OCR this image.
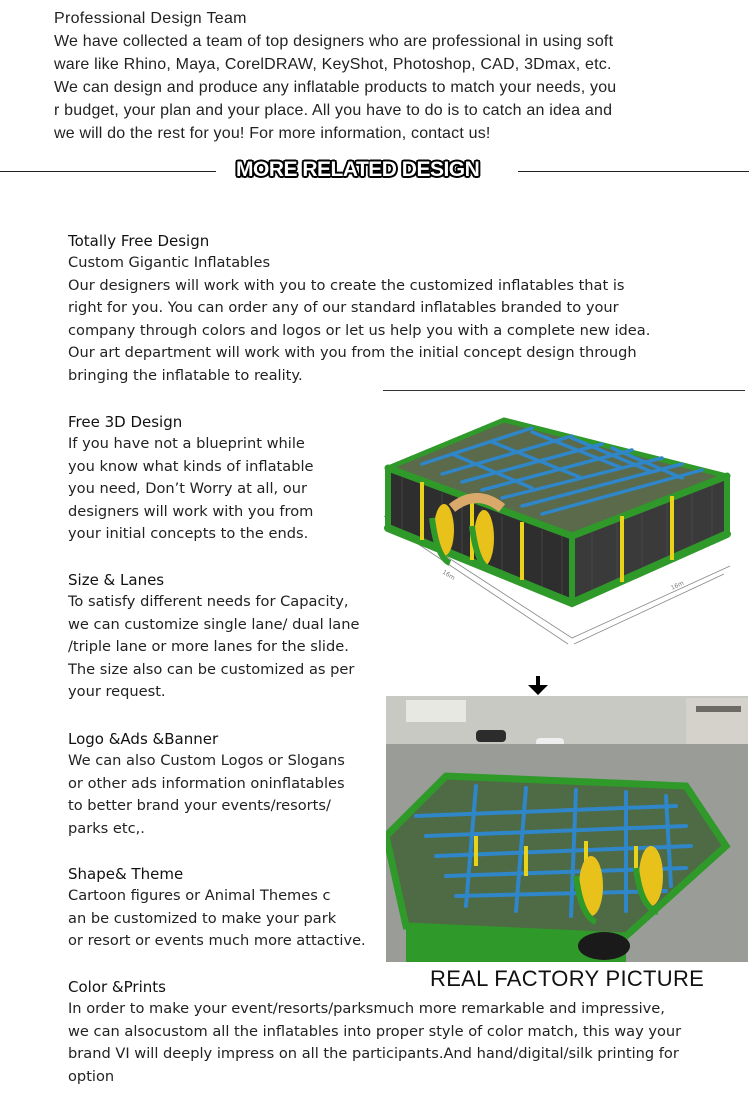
Professional Design Team

We have collected a team of top designers who are professional in using soft

ware like Rhino, Maya, CorelDRAW, KeyShot, Photoshop, CAD, 3Dmax, etc.

We can design and produce any inflatable products to match your needs, you

r budget, your plan and your place. All you have to do is to catch an idea and

we will do the rest for you! For more information, contact us!

MORE RELATED DESIGN
Totally Free Design

Custom Gigantic Inflatables

Our designers will work with you to create the customized inflatables that is

right for you. You can order any of our standard inflatables branded to your

company through colors and logos or let us help you with a complete new idea.

Our art department will work with you from the initial concept design through

bringing the inflatable to reality.

Free 3D Design

If you have not a blueprint while

you know what kinds of inflatable

you need, Don’t Worry at all, our

designers will work with you from

your initial concepts to the ends.

Size & Lanes

To satisfy different needs for Capacity,

we can customize single lane/ dual lane

/triple lane or more lanes for the slide.

The size also can be customized as per

your request.

Logo &Ads &Banner

We can also Custom Logos or Slogans

or other ads information oninflatables

to better brand your events/resorts/

parks etc,.

Shape& Theme

Cartoon figures or Animal Themes c

an be customized to make your park

or resort or events much more attactive.

Color &Prints

In order to make your event/resorts/parksmuch more remarkable and impressive,

we can alsocustom all the inflatables into proper style of color match, this way your

brand VI will deeply impress on all the participants.And hand/digital/silk printing for

option

16m
16m
REAL FACTORY PICTURE
